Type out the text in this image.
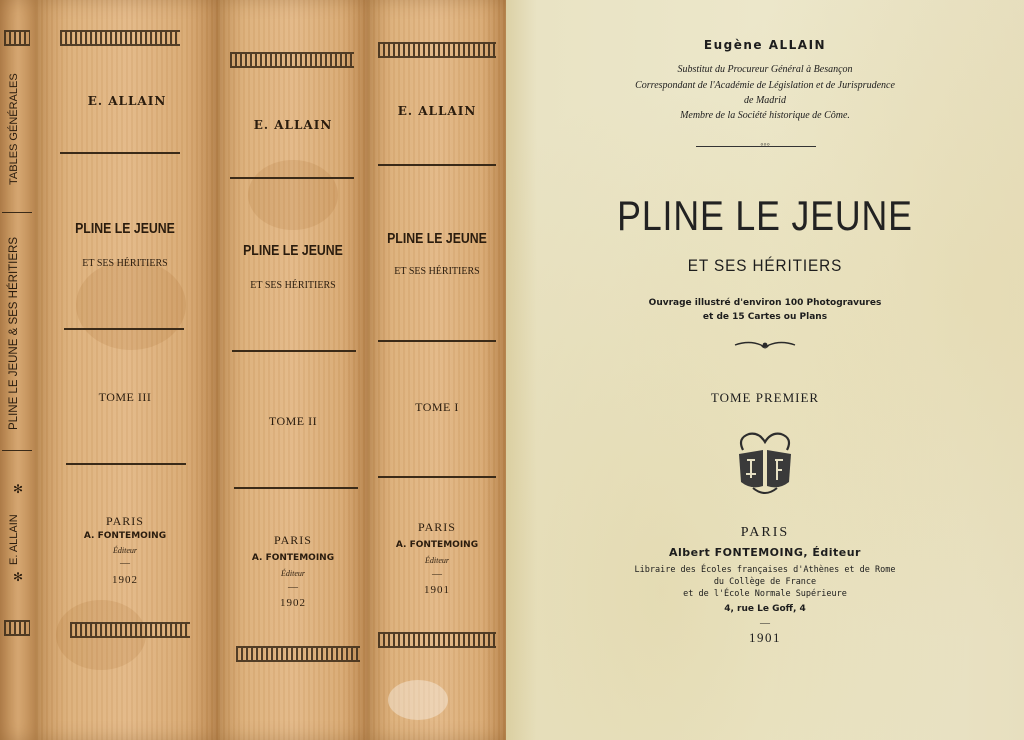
TABLES GÉNÉRALES
PLINE LE JEUNE & SES HÉRITIERS
✻
E. ALLAIN
✻
E. ALLAIN
PLINE LE JEUNE
ET SES HÉRITIERS
TOME III
PARIS
A. FONTEMOING
Éditeur
—
1902
E. ALLAIN
PLINE LE JEUNE
ET SES HÉRITIERS
TOME II
PARIS
A. FONTEMOING
Éditeur
—
1902
E. ALLAIN
PLINE LE JEUNE
ET SES HÉRITIERS
TOME I
PARIS
A. FONTEMOING
Éditeur
—
1901
Eugène ALLAIN
Substitut du Procureur Général à Besançon
Correspondant de l'Académie de Législation et de Jurisprudence
de Madrid
Membre de la Société historique de Côme.
◦◦◦
PLINE LE JEUNE
ET SES HÉRITIERS
Ouvrage illustré d'environ 100 Photogravures
et de 15 Cartes ou Plans
TOME PREMIER
PARIS
Albert FONTEMOING, Éditeur
Libraire des Écoles françaises d'Athènes et de Rome
du Collège de France
et de l'École Normale Supérieure
4, rue Le Goff, 4
—
1901
